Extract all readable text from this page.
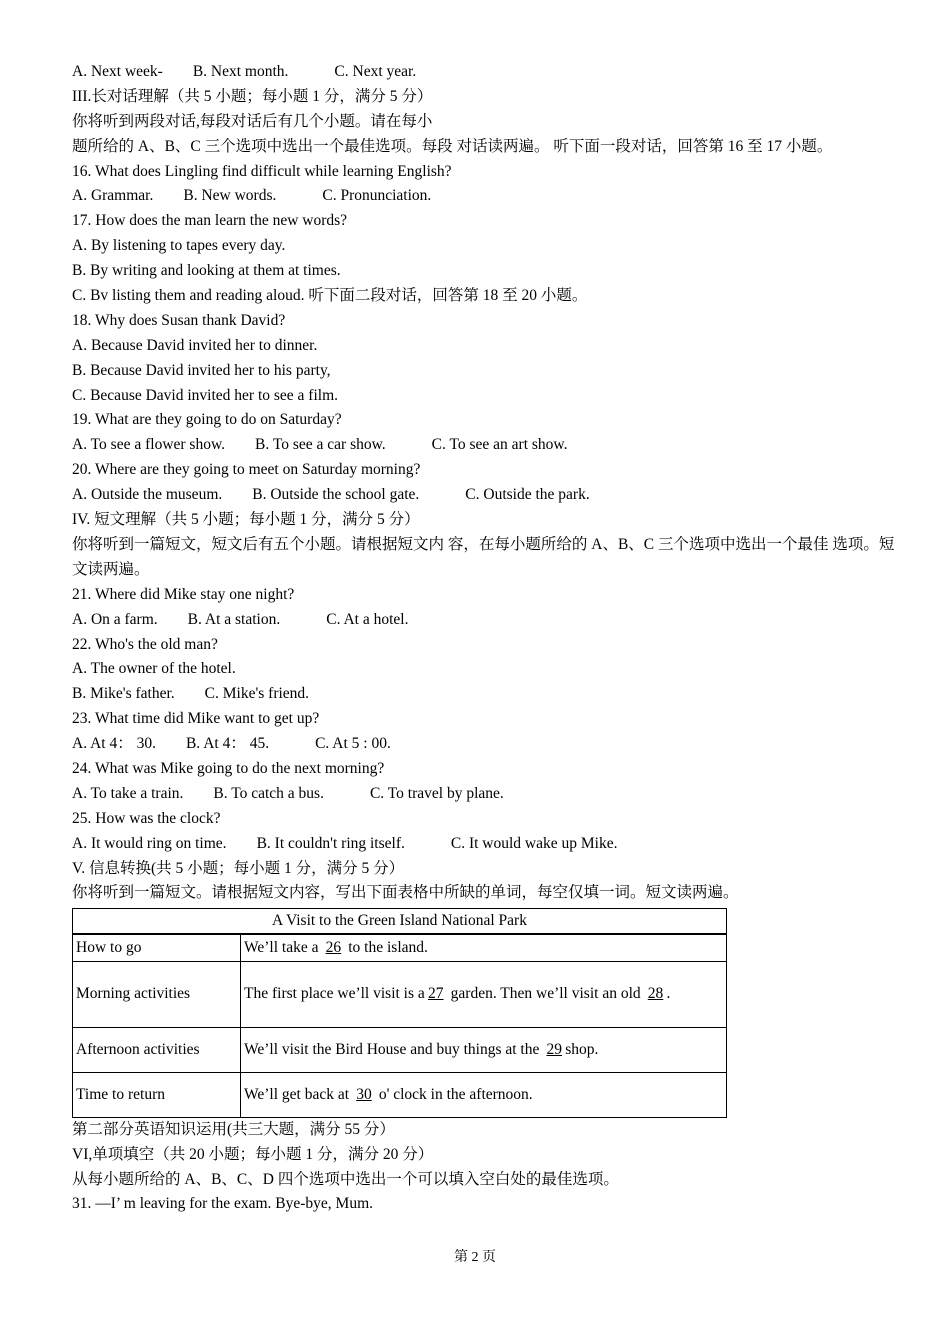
A. Next week- B. Next month.	C. Next year.
III.长对话理解（共 5 小题；每小题 1 分，满分 5 分）
你将听到两段对话,每段对话后有几个小题。请在每小
题所给的 A、B、C 三个选项中选出一个最佳选项。每段 对话读两遍。 听下面一段对话，回答第 16 至 17 小题。
16. What does Lingling find difficult while learning English?
A. Grammar. B. New words.	C. Pronunciation.
17. How does the man learn the new words?
A. By listening to tapes every day.
B. By writing and looking at them at times.
C. Bv listing them and reading aloud. 听下面二段对话，回答第 18 至 20 小题。
18. Why does Susan thank David?
A. Because David invited her to dinner.
B. Because David invited her to his party,
C. Because David invited her to see a film.
19. What are they going to do on Saturday?
A. To see a flower show. B. To see a car show.	C. To see an art show.
20. Where are they going to meet on Saturday morning?
A. Outside the museum. B. Outside the school gate.	C. Outside the park.
IV. 短文理解（共 5 小题；每小题 1 分，满分 5 分）
你将听到一篇短文，短文后有五个小题。请根据短文内 容，在每小题所给的 A、B、C 三个选项中选出一个最佳 选项。短文读两遍。
21. Where did Mike stay one night?
A. On a farm. B. At a station.	C. At a hotel.
22. Who's the old man?
A. The owner of the hotel.
B. Mike's father. C. Mike's friend.
23. What time did Mike want to get up?
A. At 4： 30. B. At 4： 45.	C. At 5 : 00.
24. What was Mike going to do the next morning?
A. To take a train. B. To catch a bus.	C. To travel by plane.
25. How was the clock?
A. It would ring on time. B. It couldn't ring itself.	C. It would wake up Mike.
V. 信息转换(共 5 小题；每小题 1 分，满分 5 分）
你将听到一篇短文。请根据短文内容，写出下面表格中所缺的单词，每空仅填一词。短文读两遍。
A Visit to the Green Island National Park	
How to go	We’ll take a 26 to the island.
Morning activities	The first place we’ll visit is a 27 garden. Then we’ll visit an old 28 .
Afternoon activities	We’ll visit the Bird House and buy things at the 29 shop.
Time to return	We’ll get back at 30 o' clock in the afternoon.
第二部分英语知识运用(共三大题，满分 55 分）
VI,单项填空（共 20 小题；每小题 1 分，满分 20 分）
从每小题所给的 A、B、C、D 四个选项中选出一个可以填入空白处的最佳选项。
31. —I’ m leaving for the exam. Bye-bye, Mum.
第 2 页
